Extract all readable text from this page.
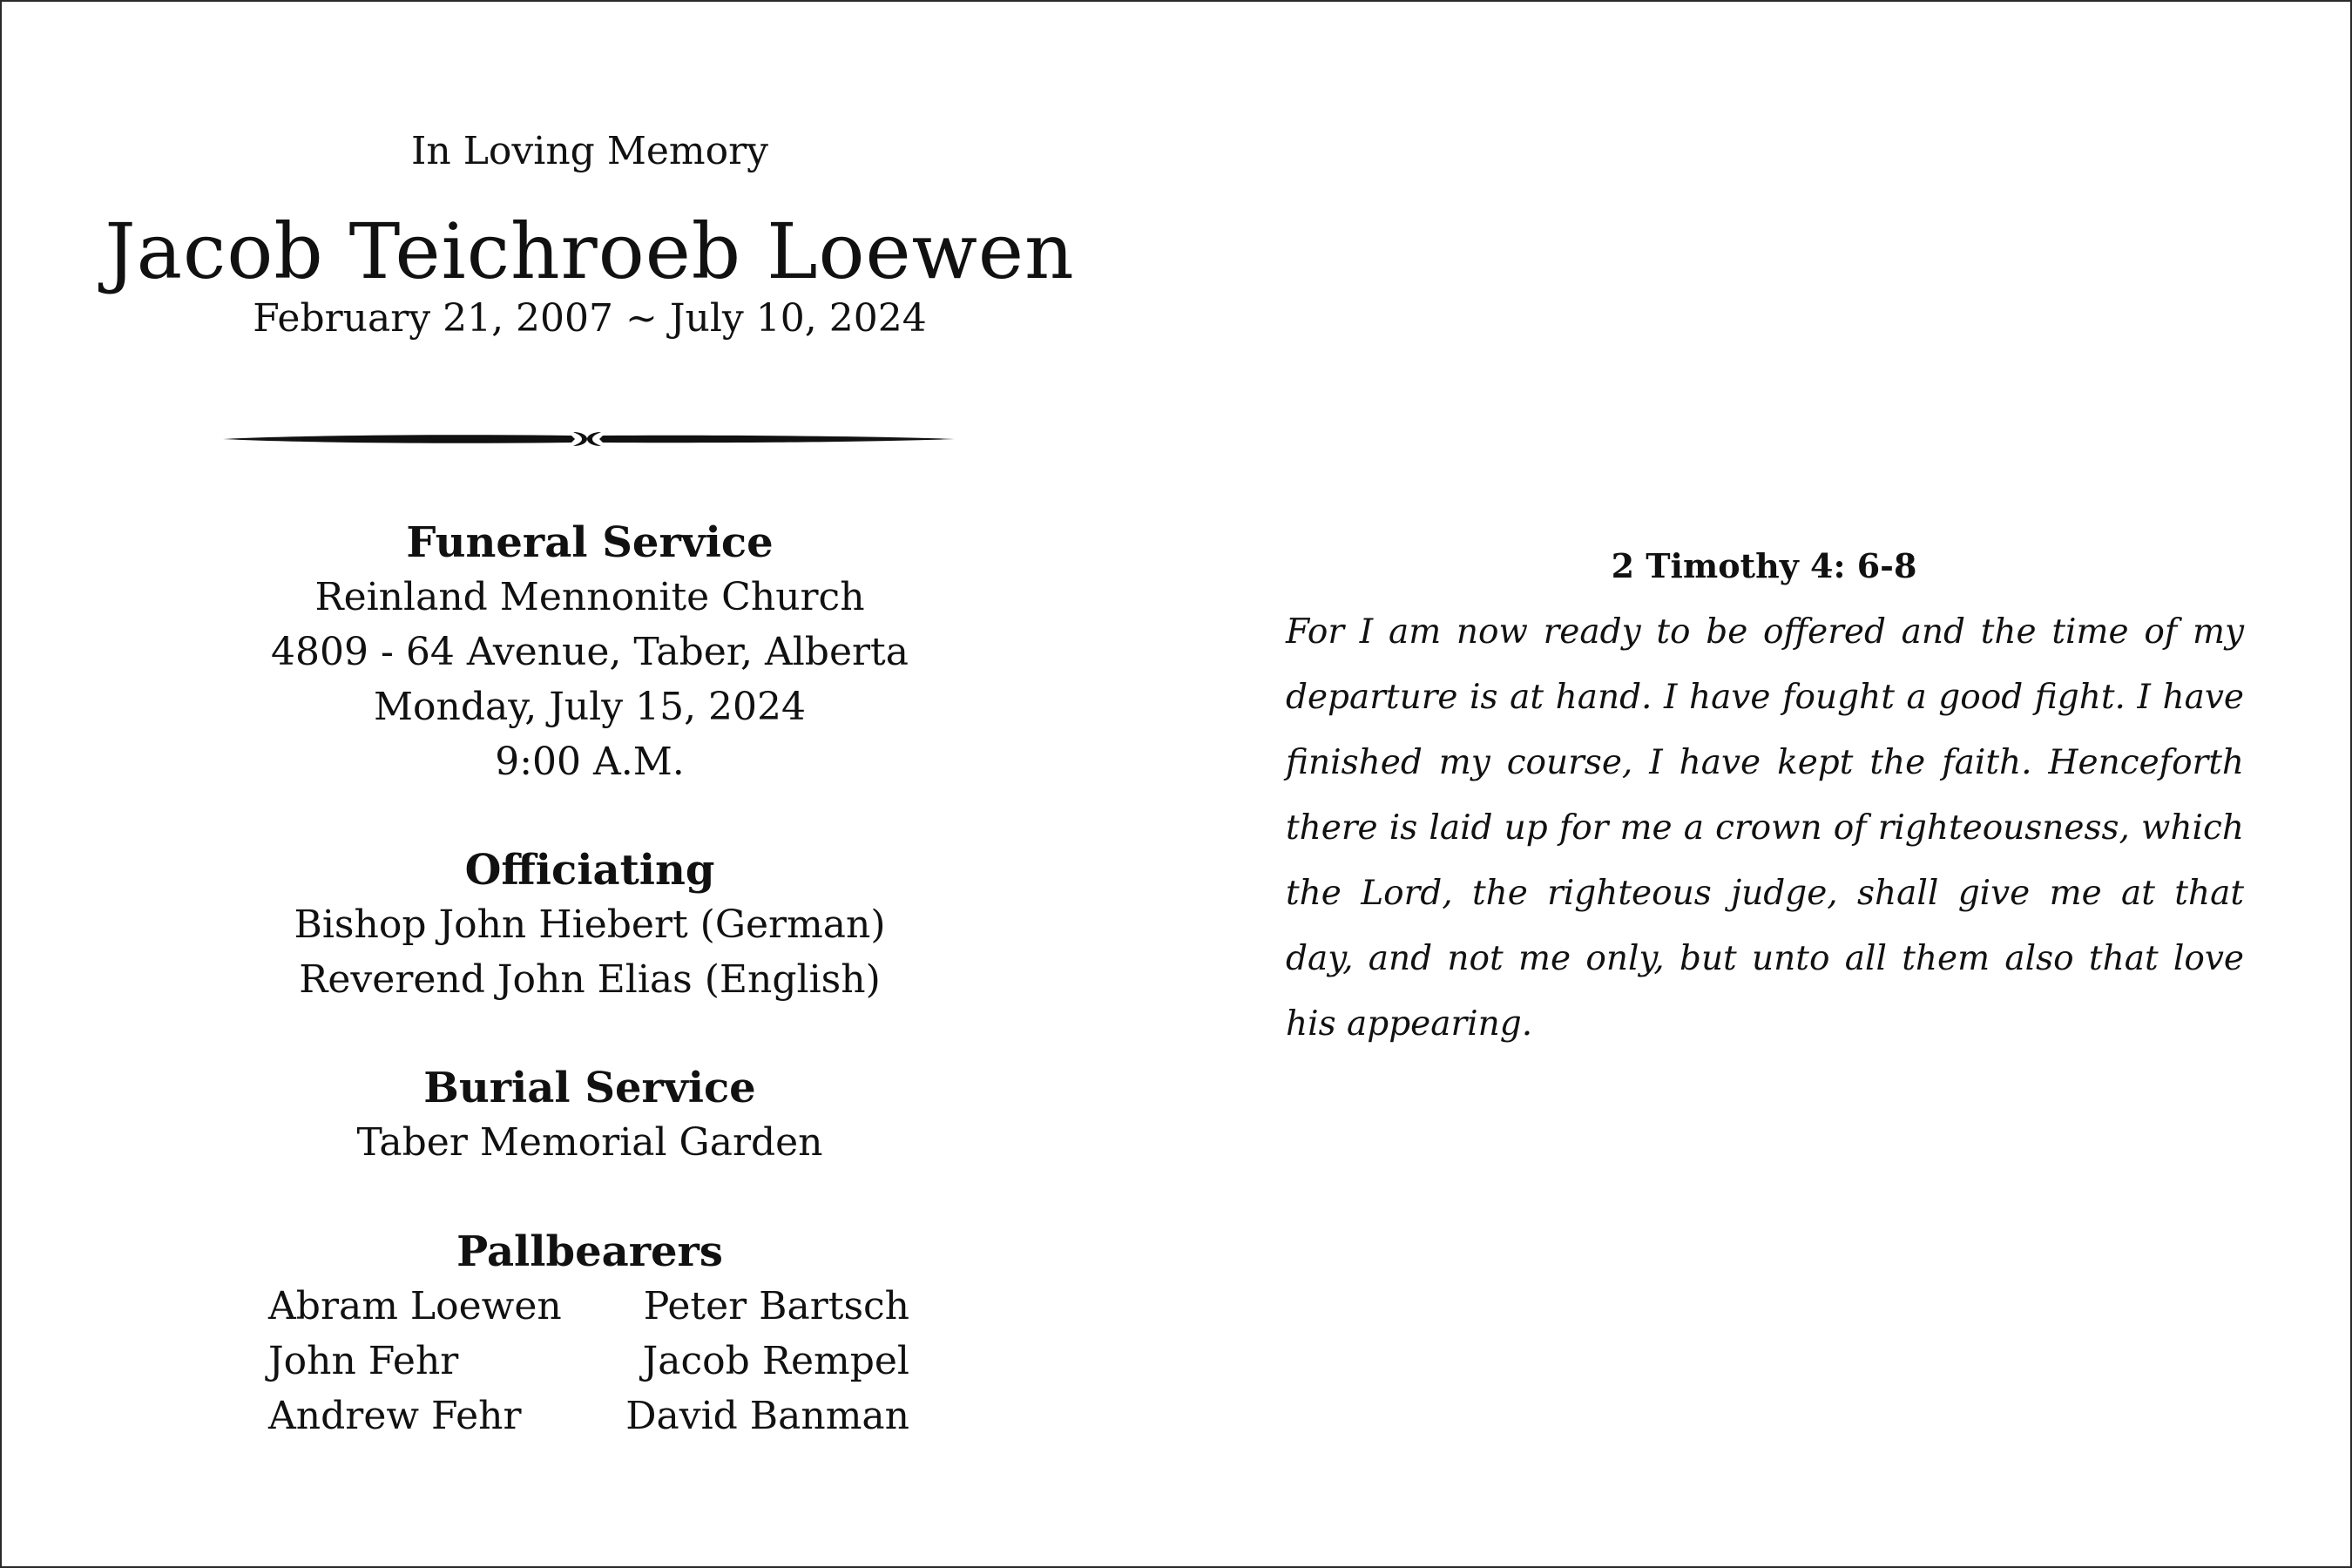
In Loving Memory
Jacob Teichroeb Loewen
February 21, 2007 ~ July 10, 2024
Funeral Service
Reinland Mennonite Church
4809 - 64 Avenue, Taber, Alberta
Monday, July 15, 2024
9:00 A.M.
Officiating
Bishop John Hiebert (German)
Reverend John Elias (English)
Burial Service
Taber Memorial Garden
Pallbearers
Abram Loewen
John Fehr
Andrew Fehr
Peter Bartsch
Jacob Rempel
David Banman
2 Timothy 4: 6-8
For I am now ready to be offered and the time of my departure is at hand. I have fought a good fight. I have finished my course, I have kept the faith. Henceforth there is laid up for me a crown of righteousness, which the Lord, the righteous judge, shall give me at that day, and not me only, but unto all them also that love his appearing.
